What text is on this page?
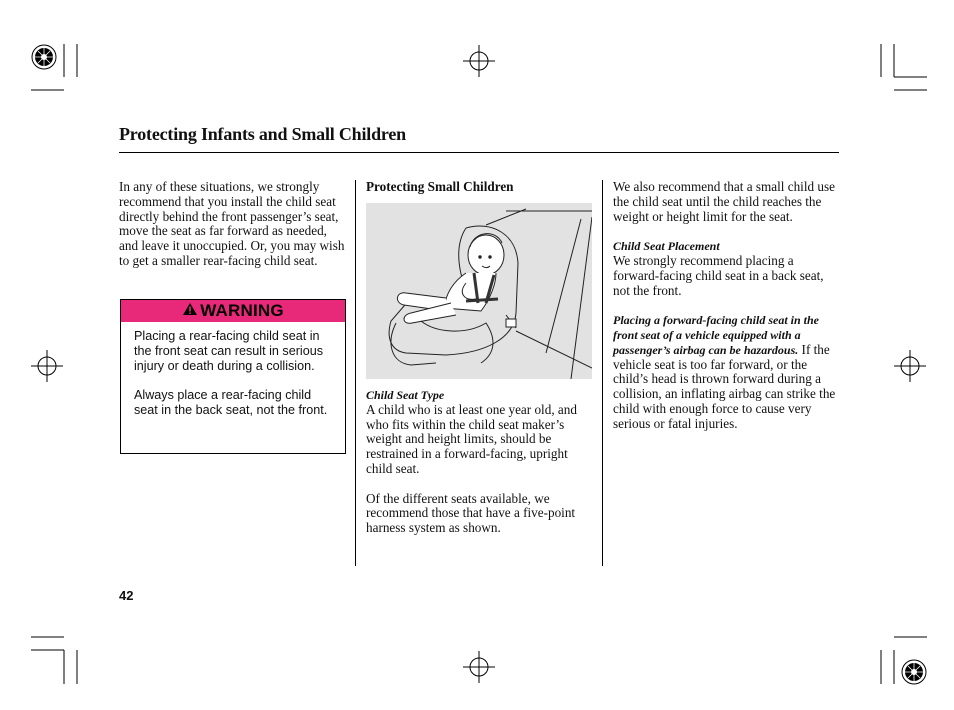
Protecting Infants and Small Children

In any of these situations, we strongly recommend that you install the child seat directly behind the front passenger’s seat, move the seat as far forward as needed, and leave it unoccupied. Or, you may wish to get a smaller rear-facing child seat.

WARNING

Placing a rear-facing child seat in the front seat can result in serious injury or death during a collision.

Always place a rear-facing child seat in the back seat, not the front.

Protecting Small Children
Child Seat Type

A child who is at least one year old, and who fits within the child seat maker’s weight and height limits, should be restrained in a forward-facing, upright child seat.

Of the different seats available, we recommend those that have a five-point harness system as shown.

We also recommend that a small child use the child seat until the child reaches the weight or height limit for the seat.

Child Seat Placement

We strongly recommend placing a forward-facing child seat in a back seat, not the front.

Placing a forward-facing child seat in the front seat of a vehicle equipped with a passenger’s airbag can be hazardous. If the vehicle seat is too far forward, or the child’s head is thrown forward during a collision, an inflating airbag can strike the child with enough force to cause very serious or fatal injuries.

42
